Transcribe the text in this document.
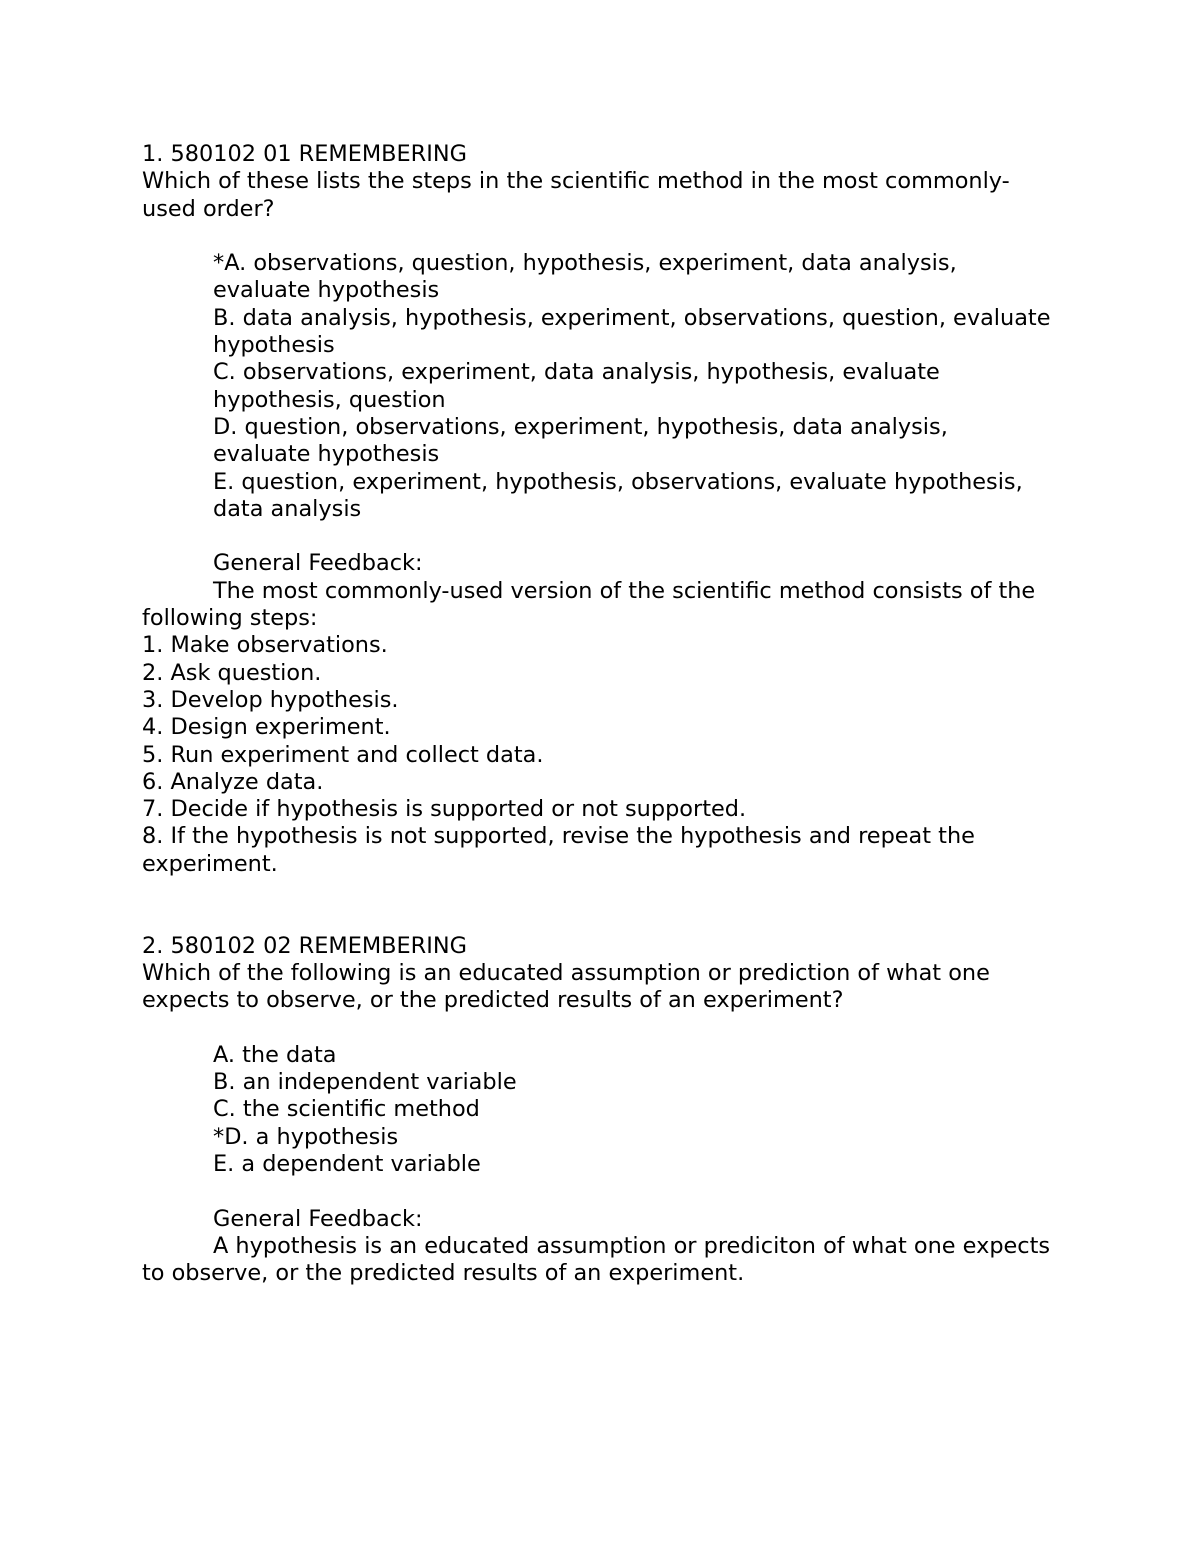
1. 580102 01 REMEMBERING
Which of these lists the steps in the scientific method in the most commonly-used order?
*A. observations, question, hypothesis, experiment, data analysis, evaluate hypothesis
B. data analysis, hypothesis, experiment, observations, question, evaluate hypothesis
C. observations, experiment, data analysis, hypothesis, evaluate hypothesis, question
D. question, observations, experiment, hypothesis, data analysis, evaluate hypothesis
E. question, experiment, hypothesis, observations, evaluate hypothesis, data analysis
General Feedback:
The most commonly-used version of the scientific method consists of the following steps:
1. Make observations.
2. Ask question.
3. Develop hypothesis.
4. Design experiment.
5. Run experiment and collect data.
6. Analyze data.
7. Decide if hypothesis is supported or not supported.
8. If the hypothesis is not supported, revise the hypothesis and repeat the experiment.
2. 580102 02 REMEMBERING
Which of the following is an educated assumption or prediction of what one expects to observe, or the predicted results of an experiment?
A. the data
B. an independent variable
C. the scientific method
*D. a hypothesis
E. a dependent variable
General Feedback:
A hypothesis is an educated assumption or prediciton of what one expects to observe, or the predicted results of an experiment.
